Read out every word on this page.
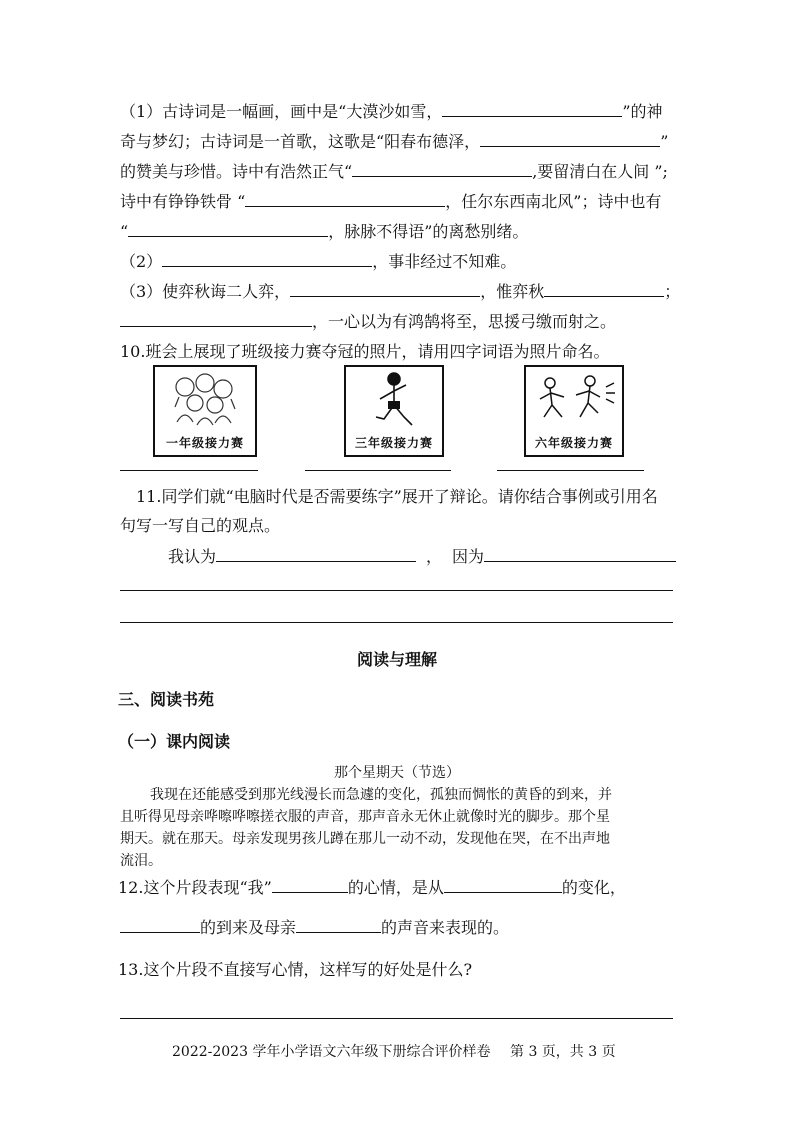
（1）古诗词是一幅画，画中是“大漠沙如雪，	”的神
奇与梦幻；古诗词是一首歌，这歌是“阳春布德泽，	”
的赞美与珍惜。诗中有浩然正气“	,要留清白在人间 ”;
诗中有铮铮铁骨 “	，任尔东西南北风”；诗中也有
“	，脉脉不得语”的离愁别绪。
（2）	，事非经过不知难。
（3）使弈秋诲二人弈，	，惟弈秋	；
，一心以为有鸿鹄将至，思援弓缴而射之。
10.班会上展现了班级接力赛夺冠的照片，请用四字词语为照片命名。
一年级接力赛	三年级接力赛	六年级接力赛
11.同学们就“电脑时代是否需要练字”展开了辩论。请你结合事例或引用名
句写一写自己的观点。
我认为	， 因为
阅读与理解
三、阅读书苑
（一）课内阅读
那个星期天（节选）
我现在还能感受到那光线漫长而急遽的变化，孤独而惆怅的黄昏的到来，并
且听得见母亲哗嚓哗嚓搓衣服的声音，那声音永无休止就像时光的脚步。那个星
期天。就在那天。母亲发现男孩儿蹲在那儿一动不动，发现他在哭，在不出声地
流泪。
12.这个片段表现“我”	的心情，是从	的变化，
的到来及母亲	的声音来表现的。
13.这个片段不直接写心情，这样写的好处是什么?
2022-2023 学年小学语文六年级下册综合评价样卷 第 3 页，共 3 页
